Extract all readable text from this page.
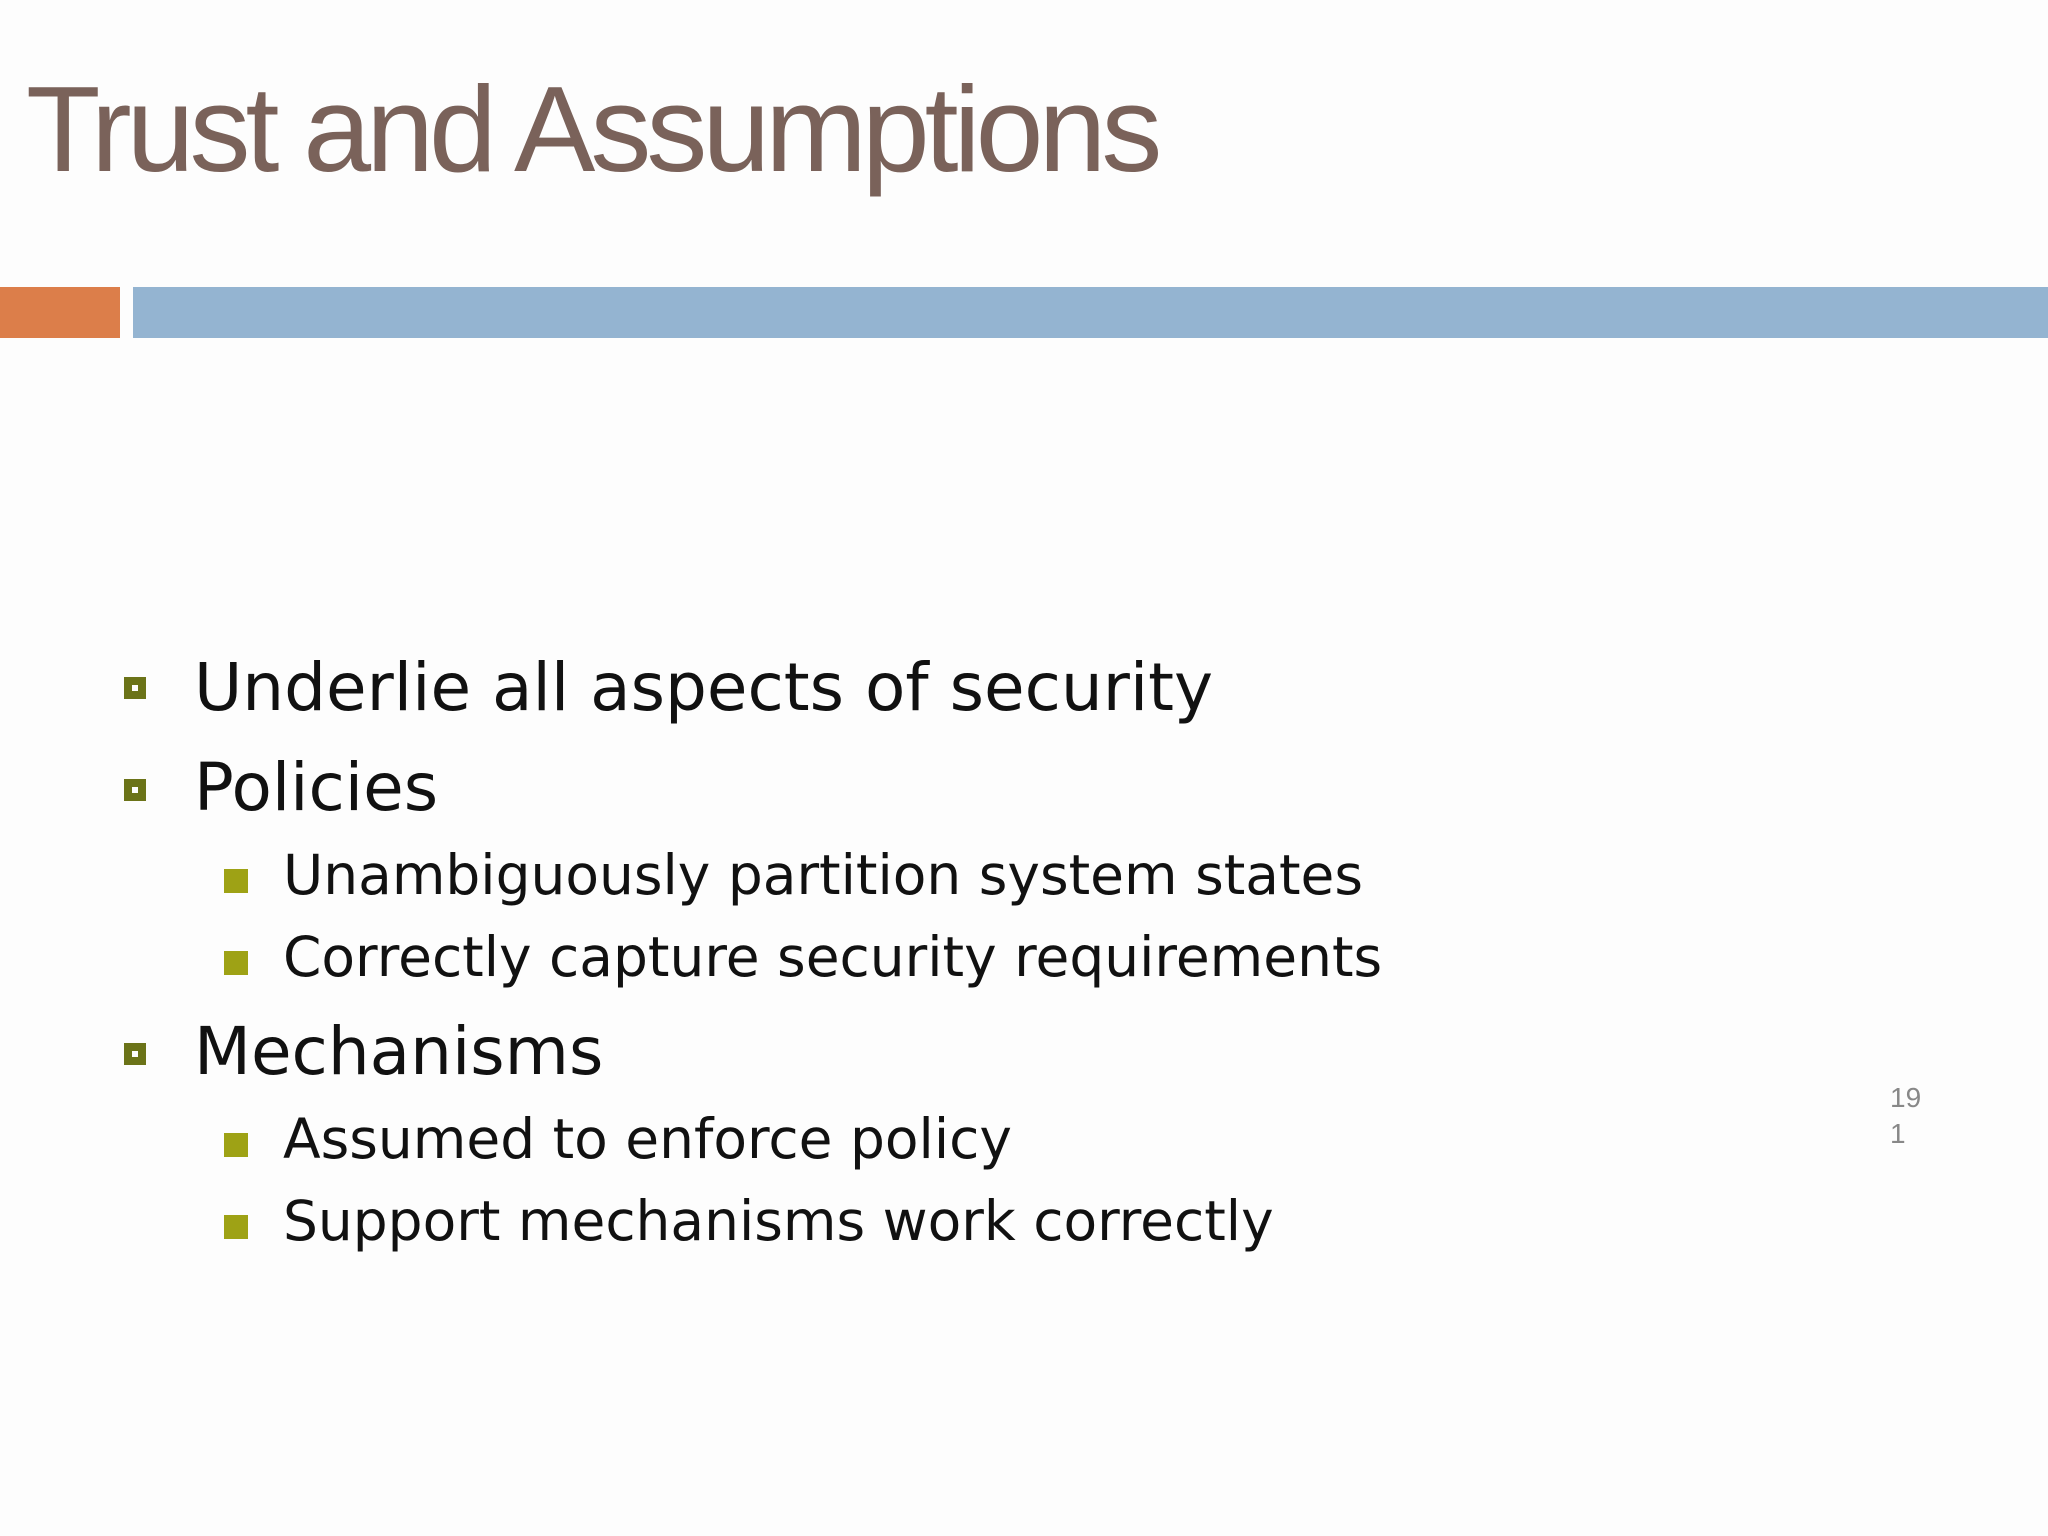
Trust and Assumptions
Underlie all aspects of security
Policies
Unambiguously partition system states
Correctly capture security requirements
Mechanisms
Assumed to enforce policy
Support mechanisms work correctly
19
1
